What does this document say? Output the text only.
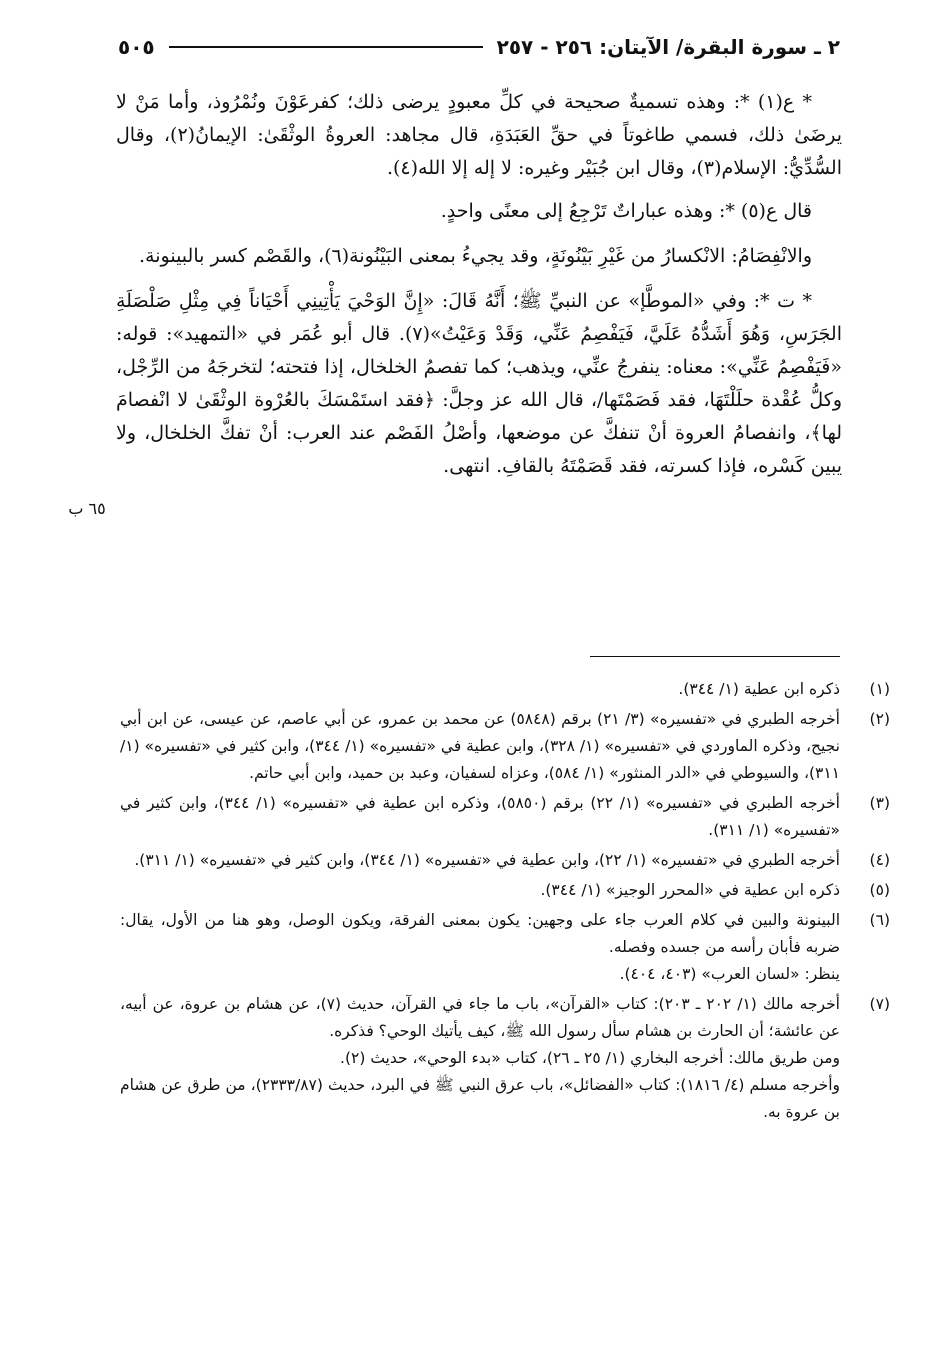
٢ ـ سورة البقرة/ الآيتان: ٢٥٦ - ٢٥٧
٥٠٥

* ع(١) *: وهذه تسميةٌ صحيحة في كلِّ معبودٍ يرضى ذلك؛ كفرعَوْنَ ونُمْرُوذ، وأما مَنْ لا يرضَىٰ ذلك، فسمي طاغوتاً في حقِّ العَبَدَةِ، قال مجاهد: العروةُ الوثْقَىٰ: الإيمانُ(٢)، وقال السُّدِّيُّ: الإسلام(٣)، وقال ابن جُبَيْر وغيره: لا إله إلا الله(٤).

قال ع(٥) *: وهذه عباراتٌ تَرْجِعُ إلى معنًى واحدٍ.

والانْفِصَامُ: الانْكسارُ من غَيْرِ بَيْنُونَةٍ، وقد يجيءُ بمعنى البَيْنُونة(٦)، والقَصْم كسر بالبينونة.

* ت *: وفي «الموطَّإ» عن النبيِّ ﷺ؛ أَنَّهُ قَالَ: «إِنَّ الوَحْيَ يَأْتِينِي أَحْيَاناً فِي مِثْلِ صَلْصَلَةِ الجَرَسِ، وَهُوَ أَشَدُّهُ عَلَيَّ، فَيَفْصِمُ عَنِّي، وَقَدْ وَعَيْتُ»(٧). قال أبو عُمَر في «التمهيد»: قوله: «فَيَفْصِمُ عَنِّي»: معناه: ينفرجُ عنِّي، ويذهب؛ كما تفصمُ الخلخال، إذا فتحته؛ لتخرجَهُ من الرِّجْل، وكلُّ عُقْدة حلَلْتَهَا، فقد فَصَمْتَها/، قال الله عز وجلَّ: ﴿فقد استَمْسَكَ بالعُرْوة الوثْقَىٰ لا انْفصامَ لها﴾، وانفصامُ العروة أنْ تنفكَّ عن موضعها، وأصْلُ الفَصْم عند العرب: أنْ تفكَّ الخلخال، ولا يبين كَسْره، فإذا كسرته، فقد قَصَمْتَهُ بالقافِ. انتهى.

٦٥ ب
(١)
ذكره ابن عطية (١/ ٣٤٤).
(٢)
أخرجه الطبري في «تفسيره» (٣/ ٢١) برقم (٥٨٤٨) عن محمد بن عمرو، عن أبي عاصم، عن عيسى، عن ابن أبي نجيح، وذكره الماوردي في «تفسيره» (١/ ٣٢٨)، وابن عطية في «تفسيره» (١/ ٣٤٤)، وابن كثير في «تفسيره» (١/ ٣١١)، والسيوطي في «الدر المنثور» (١/ ٥٨٤)، وعزاه لسفيان، وعبد بن حميد، وابن أبي حاتم.
(٣)
أخرجه الطبري في «تفسيره» (١/ ٢٢) برقم (٥٨٥٠)، وذكره ابن عطية في «تفسيره» (١/ ٣٤٤)، وابن كثير في «تفسيره» (١/ ٣١١).
(٤)
أخرجه الطبري في «تفسيره» (١/ ٢٢)، وابن عطية في «تفسيره» (١/ ٣٤٤)، وابن كثير في «تفسيره» (١/ ٣١١).
(٥)
ذكره ابن عطية في «المحرر الوجيز» (١/ ٣٤٤).
(٦)
البينونة والبين في كلام العرب جاء على وجهين: يكون بمعنى الفرقة، ويكون الوصل، وهو هنا من الأول، يقال: ضربه فأبان رأسه من جسده وفصله.
ينظر: «لسان العرب» (٤٠٣، ٤٠٤).
(٧)
أخرجه مالك (١/ ٢٠٢ ـ ٢٠٣): كتاب «القرآن»، باب ما جاء في القرآن، حديث (٧)، عن هشام بن عروة، عن أبيه، عن عائشة؛ أن الحارث بن هشام سأل رسول الله ﷺ، كيف يأتيك الوحي؟ فذكره.
ومن طريق مالك: أخرجه البخاري (١/ ٢٥ ـ ٢٦)، كتاب «بدء الوحي»، حديث (٢).
وأخرجه مسلم (٤/ ١٨١٦): كتاب «الفضائل»، باب عرق النبي ﷺ في البرد، حديث (٢٣٣٣/٨٧)، من طرق عن هشام بن عروة به.
